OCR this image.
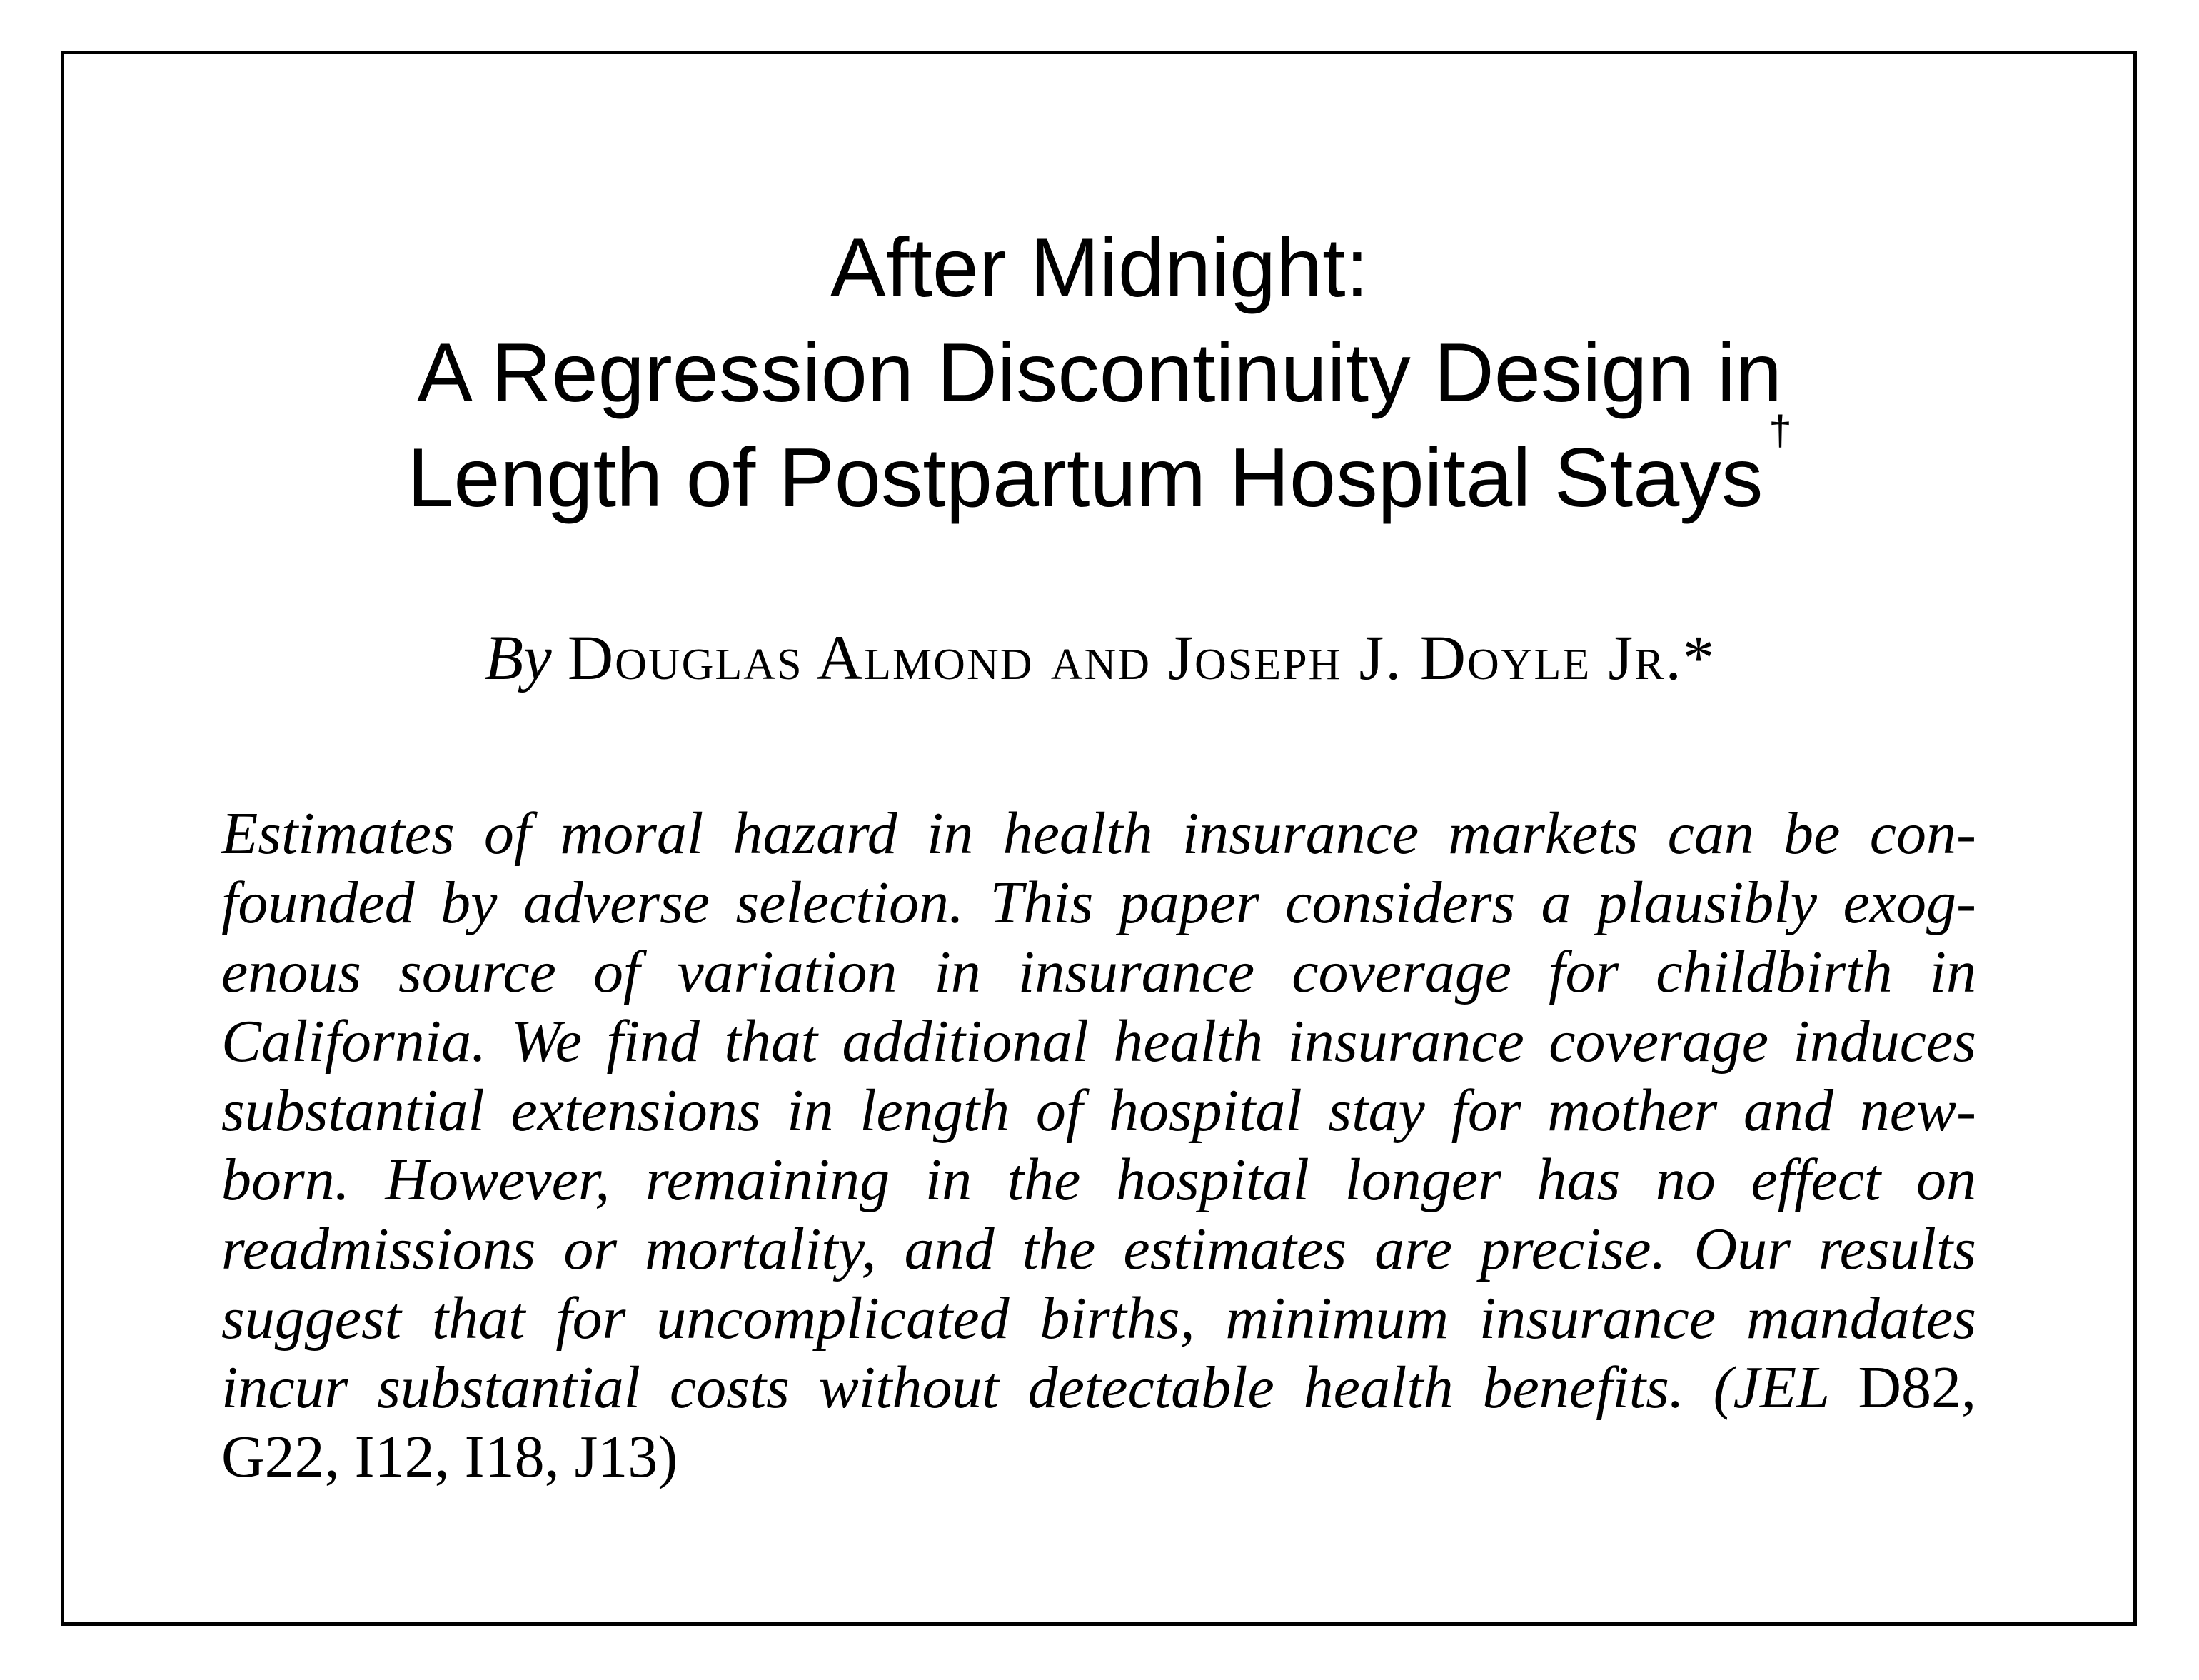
After Midnight:
A Regression Discontinuity Design in
Length of Postpartum Hospital Stays †
By Douglas Almond and Joseph J. Doyle Jr.*
Estimates of moral hazard in health insurance markets can be con-
founded by adverse selection. This paper considers a plausibly exog-
enous source of variation in insurance coverage for childbirth in
California. We find that additional health insurance coverage induces
substantial extensions in length of hospital stay for mother and new-
born. However, remaining in the hospital longer has no effect on
readmissions or mortality, and the estimates are precise. Our results
suggest that for uncomplicated births, minimum insurance mandates
incur substantial costs without detectable health benefits. (JEL D82,
G22, I12, I18, J13)
